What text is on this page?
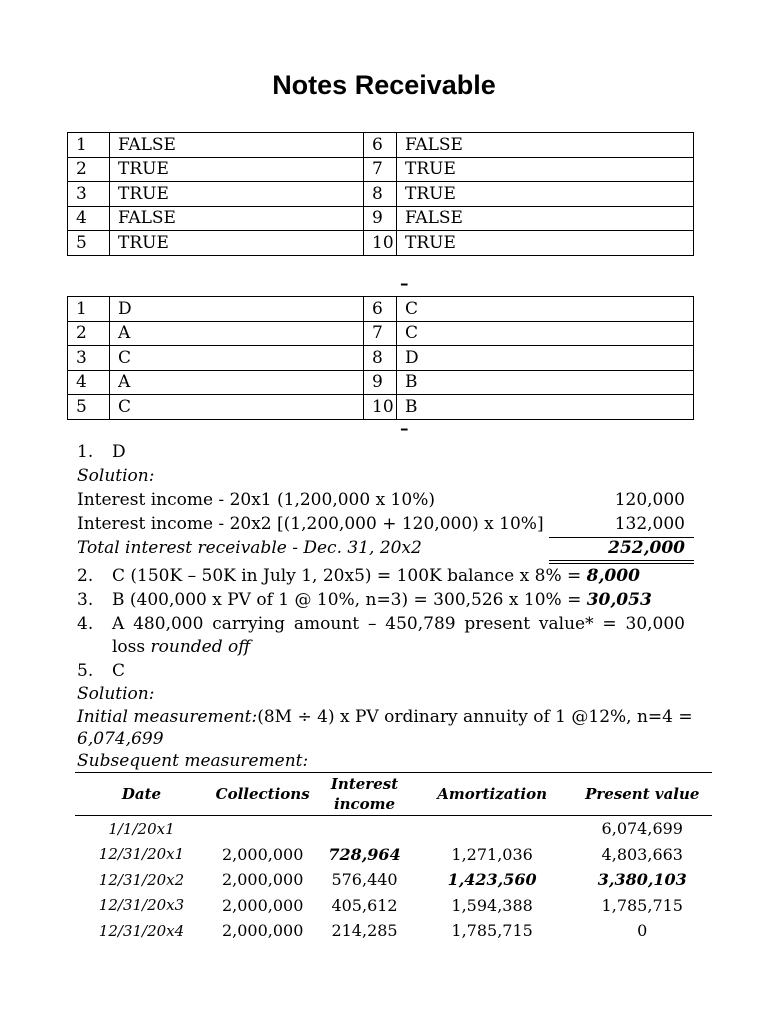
Notes Receivable
1	FALSE	6	FALSE
2	TRUE	7	TRUE
3	TRUE	8	TRUE
4	FALSE	9	FALSE
5	TRUE	10	TRUE
–
1	D	6	C
2	A	7	C
3	C	8	D
4	A	9	B
5	C	10	B
–
1.	D
Solution:
Interest income - 20x1 (1,200,000 x 10%)	120,000
Interest income - 20x2 [(1,200,000 + 120,000) x 10%]	132,000
Total interest receivable - Dec. 31, 20x2	252,000
2.	C (150K – 50K in July 1, 20x5) = 100K balance x 8% = 8,000
3.	B (400,000 x PV of 1 @ 10%, n=3) = 300,526 x 10% = 30,053
4.	A 480,000 carrying amount – 450,789 present value* = 30,000
loss rounded off
5.	C
Solution:
Initial measurement: (8M ÷ 4) x PV ordinary annuity of 1 @12%, n=4 =
6,074,699
Subsequent measurement:
Date	Collections	Interest income	Amortization	Present value
1/1/20x1				6,074,699
12/31/20x1	2,000,000	728,964	1,271,036	4,803,663
12/31/20x2	2,000,000	576,440	1,423,560	3,380,103
12/31/20x3	2,000,000	405,612	1,594,388	1,785,715
12/31/20x4	2,000,000	214,285	1,785,715	0
